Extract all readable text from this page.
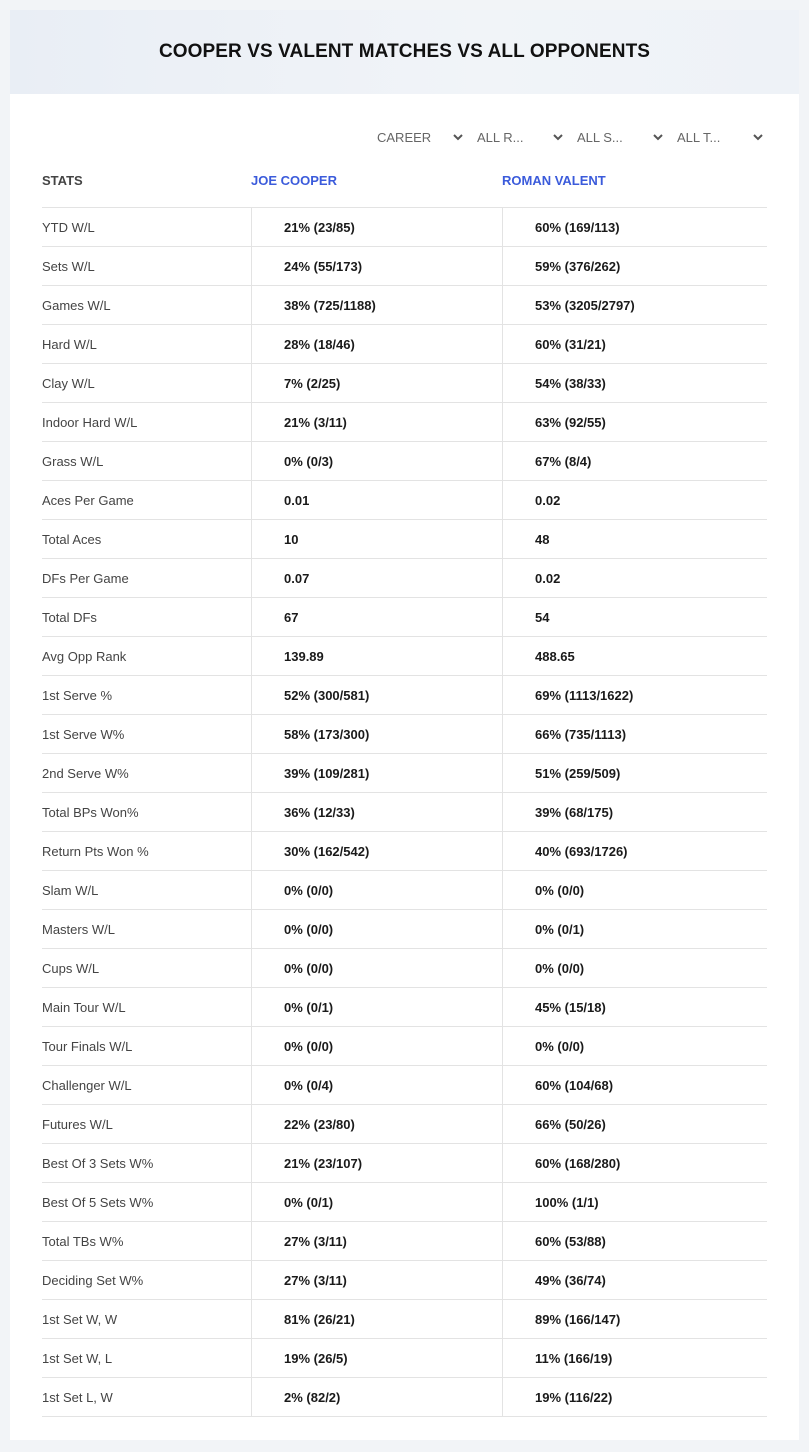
COOPER VS VALENT MATCHES VS ALL OPPONENTS
CAREER	ALL R...	ALL S...	ALL T...
STATS	JOE COOPER	ROMAN VALENT
YTD W/L	21% (23/85)	60% (169/113)
Sets W/L	24% (55/173)	59% (376/262)
Games W/L	38% (725/1188)	53% (3205/2797)
Hard W/L	28% (18/46)	60% (31/21)
Clay W/L	7% (2/25)	54% (38/33)
Indoor Hard W/L	21% (3/11)	63% (92/55)
Grass W/L	0% (0/3)	67% (8/4)
Aces Per Game	0.01	0.02
Total Aces	10	48
DFs Per Game	0.07	0.02
Total DFs	67	54
Avg Opp Rank	139.89	488.65
1st Serve %	52% (300/581)	69% (1113/1622)
1st Serve W%	58% (173/300)	66% (735/1113)
2nd Serve W%	39% (109/281)	51% (259/509)
Total BPs Won%	36% (12/33)	39% (68/175)
Return Pts Won %	30% (162/542)	40% (693/1726)
Slam W/L	0% (0/0)	0% (0/0)
Masters W/L	0% (0/0)	0% (0/1)
Cups W/L	0% (0/0)	0% (0/0)
Main Tour W/L	0% (0/1)	45% (15/18)
Tour Finals W/L	0% (0/0)	0% (0/0)
Challenger W/L	0% (0/4)	60% (104/68)
Futures W/L	22% (23/80)	66% (50/26)
Best Of 3 Sets W%	21% (23/107)	60% (168/280)
Best Of 5 Sets W%	0% (0/1)	100% (1/1)
Total TBs W%	27% (3/11)	60% (53/88)
Deciding Set W%	27% (3/11)	49% (36/74)
1st Set W, W	81% (26/21)	89% (166/147)
1st Set W, L	19% (26/5)	11% (166/19)
1st Set L, W	2% (82/2)	19% (116/22)
